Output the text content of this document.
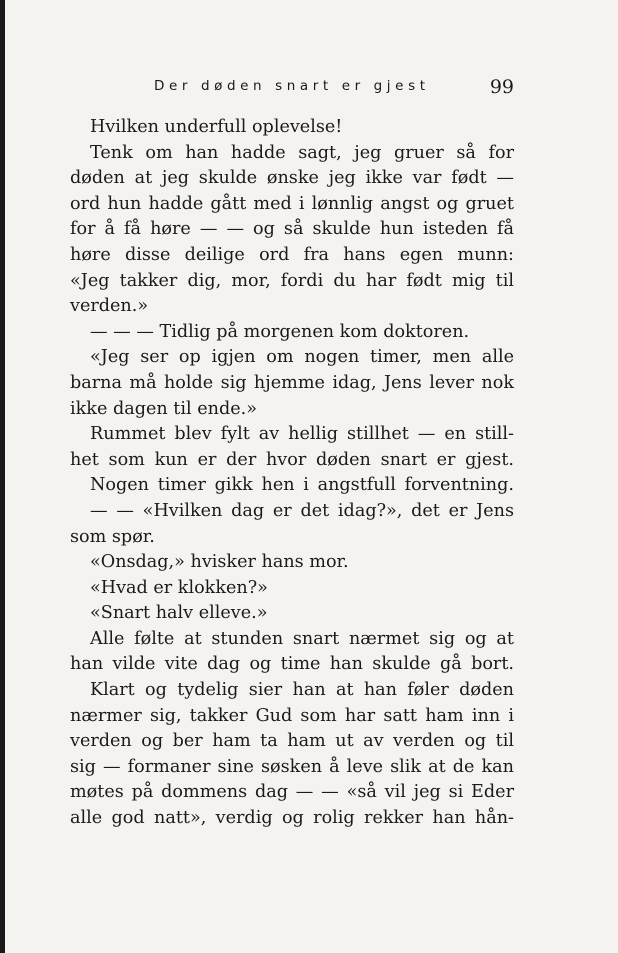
Der døden snart er gjest	99
Hvilken underfull oplevelse!
Tenk om han hadde sagt, jeg gruer så for
døden at jeg skulde ønske jeg ikke var født —
ord hun hadde gått med i lønnlig angst og gruet
for å få høre — — og så skulde hun isteden få
høre disse deilige ord fra hans egen munn:
«Jeg takker dig, mor, fordi du har født mig til
verden.»
— — — Tidlig på morgenen kom doktoren.
«Jeg ser op igjen om nogen timer, men alle
barna må holde sig hjemme idag, Jens lever nok
ikke dagen til ende.»
Rummet blev fylt av hellig stillhet — en still-
het som kun er der hvor døden snart er gjest.
Nogen timer gikk hen i angstfull forventning.
— — «Hvilken dag er det idag?», det er Jens
som spør.
«Onsdag,» hvisker hans mor.
«Hvad er klokken?»
«Snart halv elleve.»
Alle følte at stunden snart nærmet sig og at
han vilde vite dag og time han skulde gå bort.
Klart og tydelig sier han at han føler døden
nærmer sig, takker Gud som har satt ham inn i
verden og ber ham ta ham ut av verden og til
sig — formaner sine søsken å leve slik at de kan
møtes på dommens dag — — «så vil jeg si Eder
alle god natt», verdig og rolig rekker han hån-
